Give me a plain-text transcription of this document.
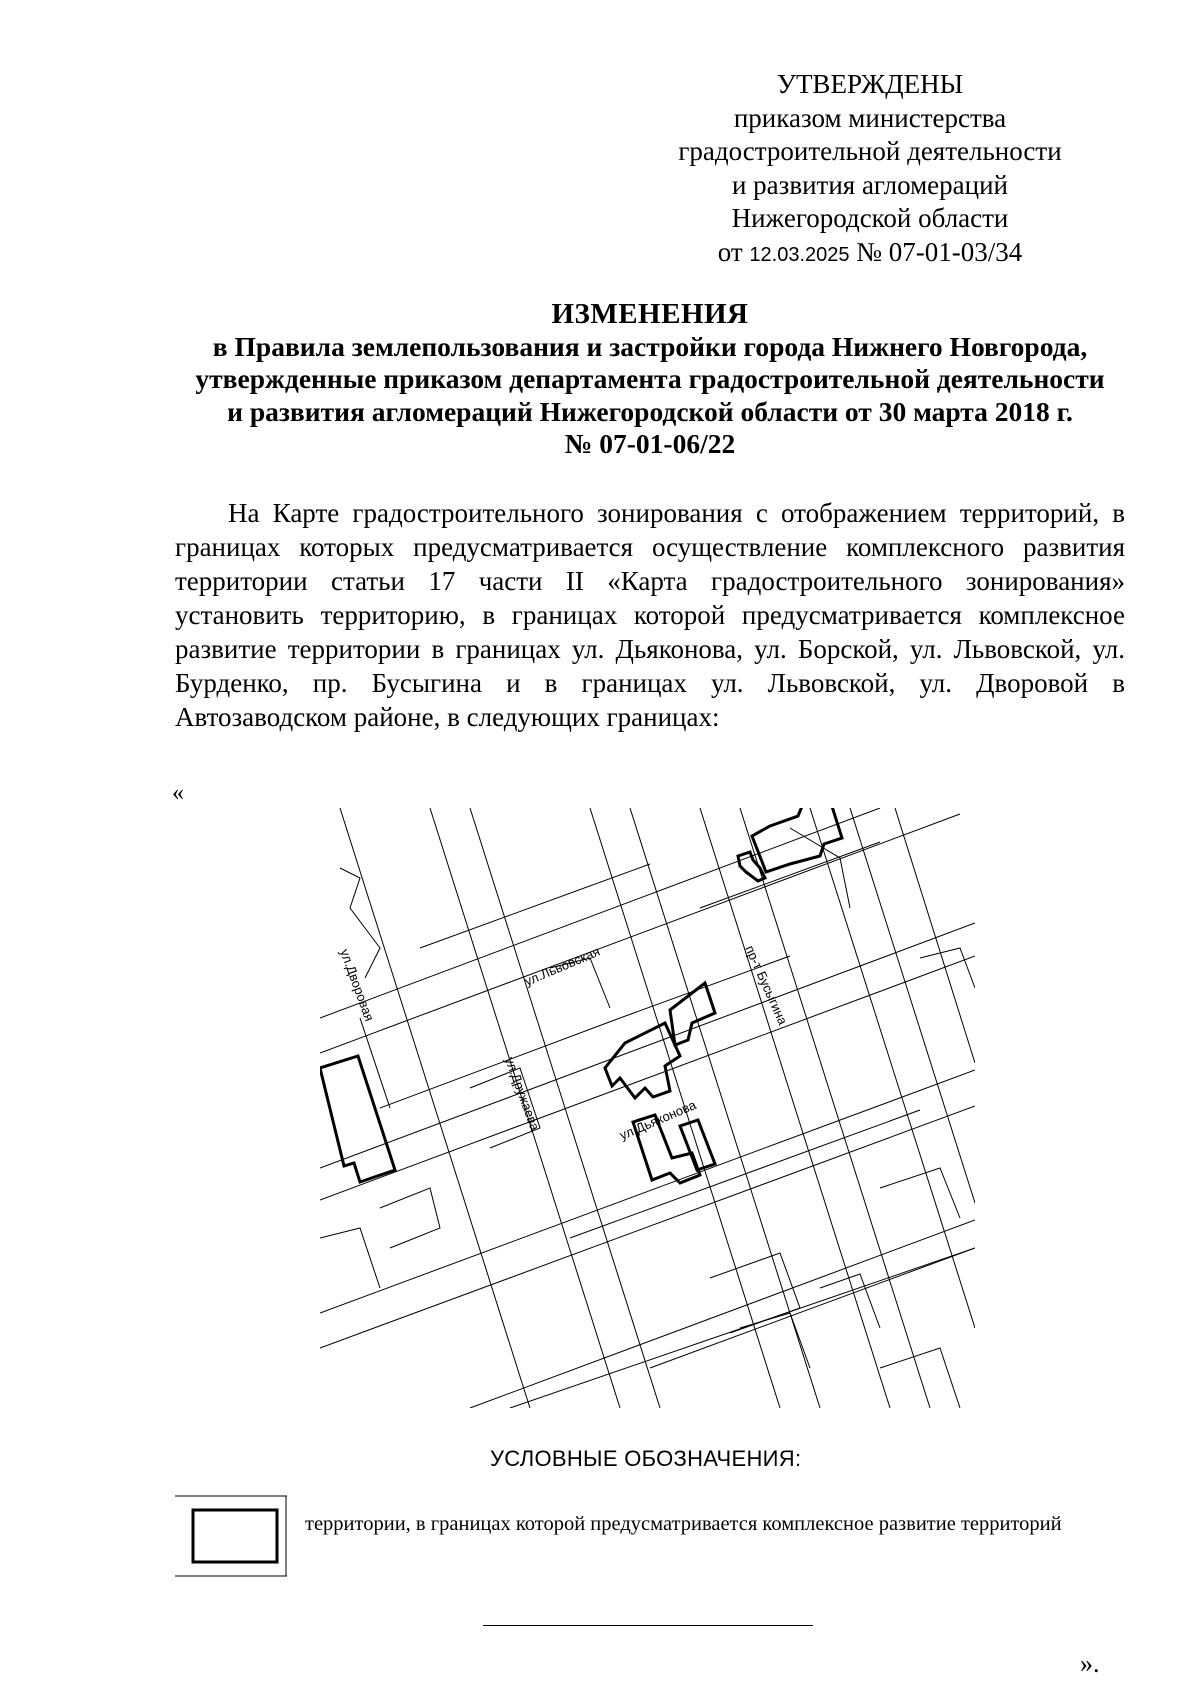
УТВЕРЖДЕНЫ
приказом министерства
градостроительной деятельности
и развития агломераций
Нижегородской области
от 12.03.2025 № 07-01-03/34
ИЗМЕНЕНИЯ
в Правила землепользования и застройки города Нижнего Новгорода,
утвержденные приказом департамента градостроительной деятельности
и развития агломераций Нижегородской области от 30 марта 2018 г.
№ 07-01-06/22
На Карте градостроительного зонирования с отображением территорий, в границах которых предусматривается осуществление комплексного развития территории статьи 17 части II «Карта градостроительного зонирования» установить территорию, в границах которой предусматривается комплексное развитие территории в границах ул. Дьяконова, ул. Борской, ул. Львовской, ул. Бурденко, пр. Бусыгина и в границах ул. Львовской, ул. Дворовой в Автозаводском районе, в следующих границах:
«
ул.Дворовая	ул.Львовская
ул.Дружаева	ул.Дьяконова
пр-т Бусыгина
УСЛОВНЫЕ ОБОЗНАЧЕНИЯ:
территории, в границах которой предусматривается комплексное развитие территорий
».
